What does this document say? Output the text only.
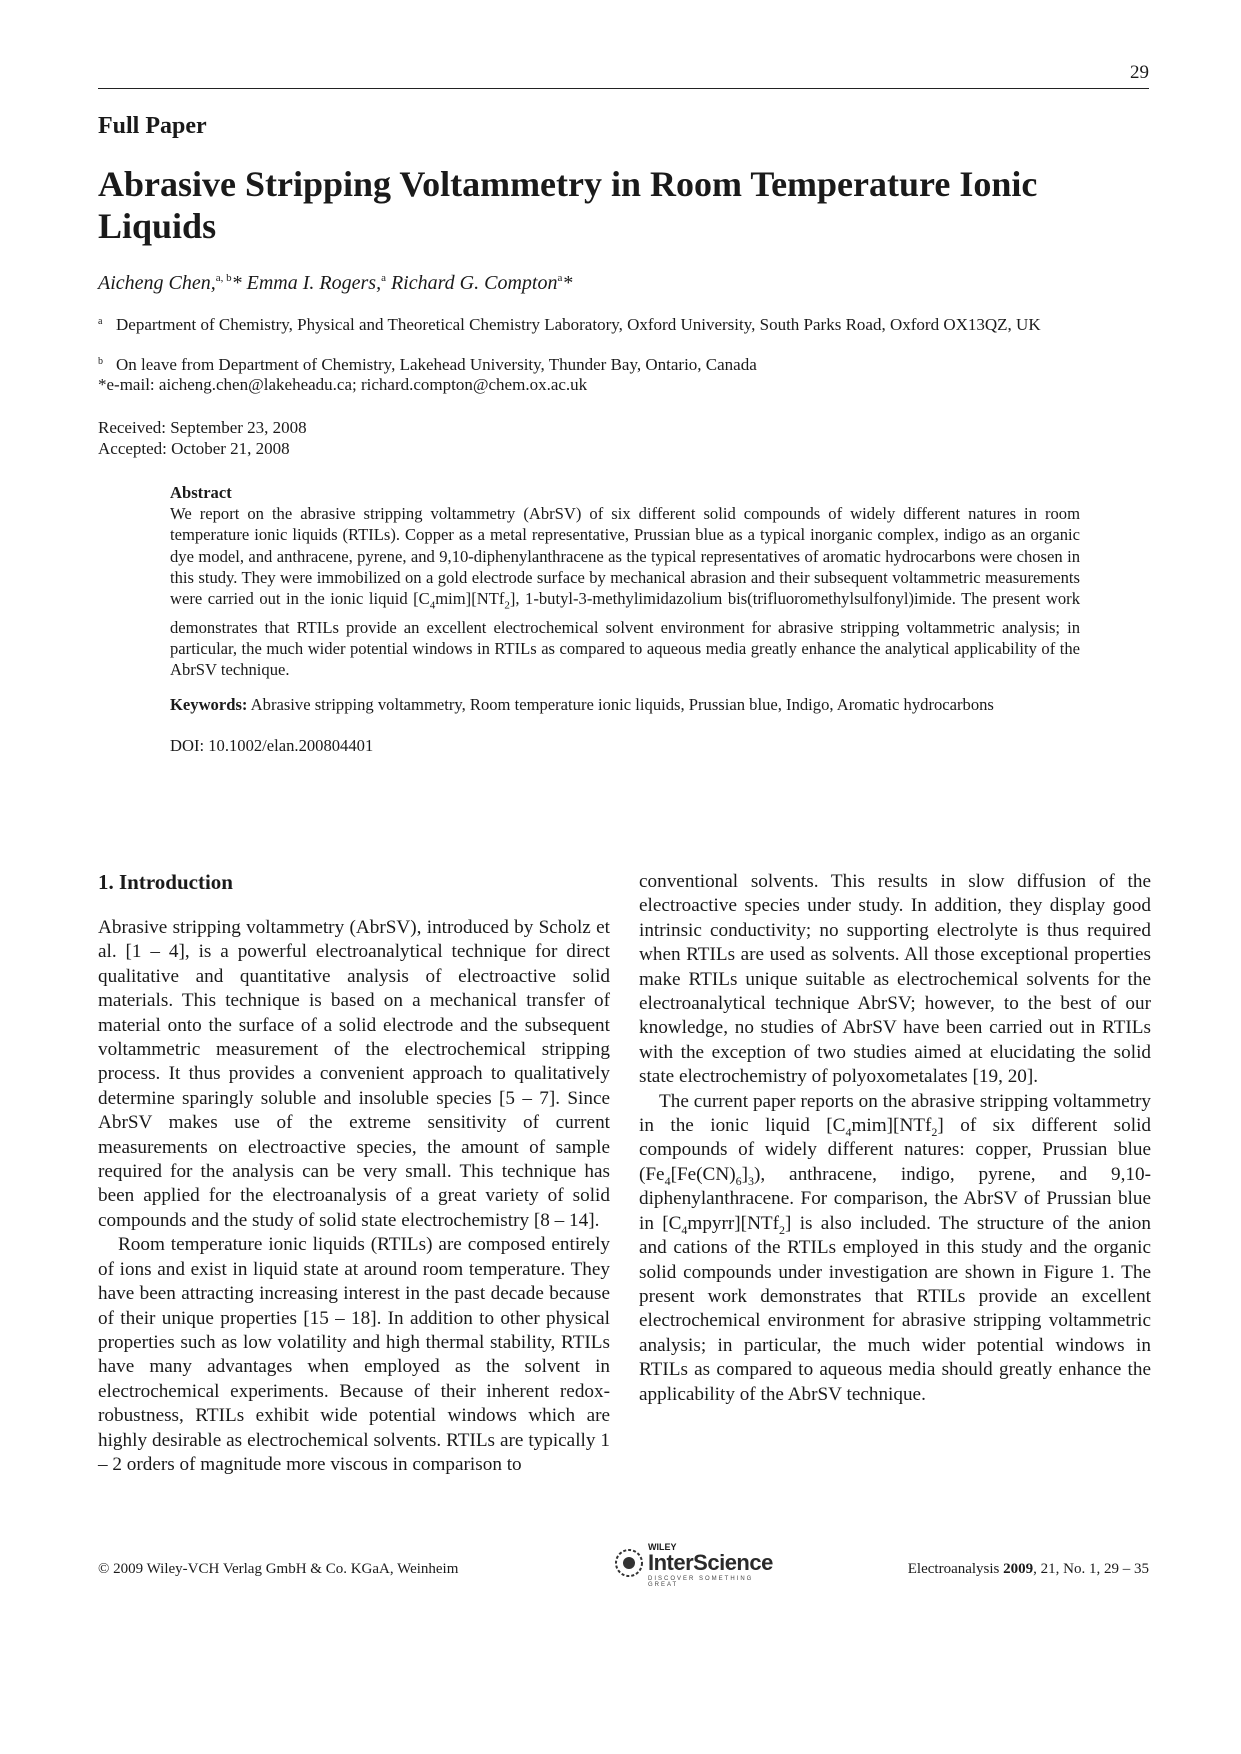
29
Full Paper
Abrasive Stripping Voltammetry in Room Temperature Ionic Liquids
Aicheng Chen,$^{a, b}$* Emma I. Rogers,$^a$ Richard G. Compton$^a$*
a Department of Chemistry, Physical and Theoretical Chemistry Laboratory, Oxford University, South Parks Road, Oxford OX13QZ, UK
b On leave from Department of Chemistry, Lakehead University, Thunder Bay, Ontario, Canada
*e-mail: aicheng.chen@lakeheadu.ca; richard.compton@chem.ox.ac.uk
Received: September 23, 2008
Accepted: October 21, 2008
Abstract
We report on the abrasive stripping voltammetry (AbrSV) of six different solid compounds of widely different natures in room temperature ionic liquids (RTILs). Copper as a metal representative, Prussian blue as a typical inorganic complex, indigo as an organic dye model, and anthracene, pyrene, and 9,10-diphenylanthracene as the typical representatives of aromatic hydrocarbons were chosen in this study. They were immobilized on a gold electrode surface by mechanical abrasion and their subsequent voltammetric measurements were carried out in the ionic liquid $[C_4mim][NTf_2]$, 1-butyl-3-methylimidazolium bis(trifluoromethylsulfonyl)imide. The present work demonstrates that RTILs provide an excellent electrochemical solvent environment for abrasive stripping voltammetric analysis; in particular, the much wider potential windows in RTILs as compared to aqueous media greatly enhance the analytical applicability of the AbrSV technique.
Keywords: Abrasive stripping voltammetry, Room temperature ionic liquids, Prussian blue, Indigo, Aromatic hydrocarbons
DOI: 10.1002/elan.200804401
1. Introduction

Abrasive stripping voltammetry (AbrSV), introduced by Scholz et al. [1 – 4], is a powerful electroanalytical technique for direct qualitative and quantitative analysis of electroactive solid materials. This technique is based on a mechanical transfer of material onto the surface of a solid electrode and the subsequent voltammetric measurement of the electrochemical stripping process. It thus provides a convenient approach to qualitatively determine sparingly soluble and insoluble species [5 – 7]. Since AbrSV makes use of the extreme sensitivity of current measurements on electroactive species, the amount of sample required for the analysis can be very small. This technique has been applied for the electroanalysis of a great variety of solid compounds and the study of solid state electrochemistry [8 – 14].

Room temperature ionic liquids (RTILs) are composed entirely of ions and exist in liquid state at around room temperature. They have been attracting increasing interest in the past decade because of their unique properties [15 – 18]. In addition to other physical properties such as low volatility and high thermal stability, RTILs have many advantages when employed as the solvent in electrochemical experiments. Because of their inherent redox-robustness, RTILs exhibit wide potential windows which are highly desirable as electrochemical solvents. RTILs are typically 1 – 2 orders of magnitude more viscous in comparison to

conventional solvents. This results in slow diffusion of the electroactive species under study. In addition, they display good intrinsic conductivity; no supporting electrolyte is thus required when RTILs are used as solvents. All those exceptional properties make RTILs unique suitable as electrochemical solvents for the electroanalytical technique AbrSV; however, to the best of our knowledge, no studies of AbrSV have been carried out in RTILs with the exception of two studies aimed at elucidating the solid state electrochemistry of polyoxometalates [19, 20].

The current paper reports on the abrasive stripping voltammetry in the ionic liquid $[C_4mim][NTf_2]$ of six different solid compounds of widely different natures: copper, Prussian blue $(Fe_4[Fe(CN)_6]_3)$, anthracene, indigo, pyrene, and 9,10-diphenylanthracene. For comparison, the AbrSV of Prussian blue in $[C_4mpyrr][NTf_2]$ is also included. The structure of the anion and cations of the RTILs employed in this study and the organic solid compounds under investigation are shown in Figure 1. The present work demonstrates that RTILs provide an excellent electrochemical environment for abrasive stripping voltammetric analysis; in particular, the much wider potential windows in RTILs as compared to aqueous media should greatly enhance the applicability of the AbrSV technique.

© 2009 Wiley-VCH Verlag GmbH & Co. KGaA, Weinheim
WILEY
InterScience
DISCOVER SOMETHING GREAT
Electroanalysis 2009, 21, No. 1, 29 – 35
